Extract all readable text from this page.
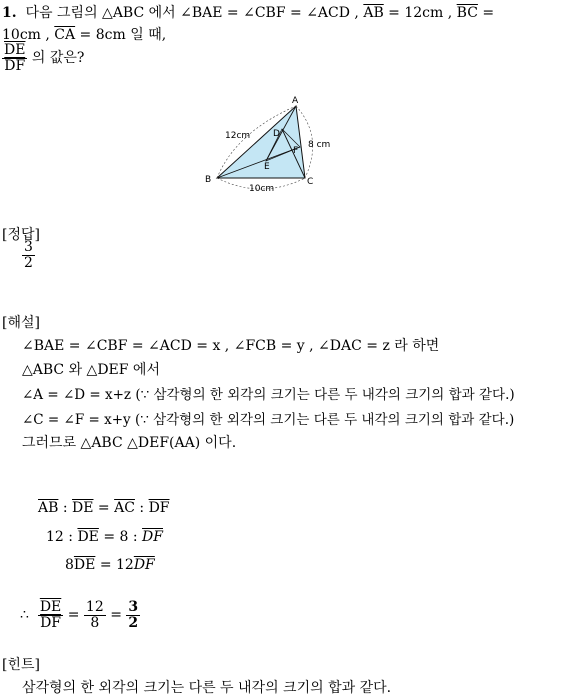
1. 다음 그림의 △ABC 에서 ∠BAE = ∠CBF = ∠ACD , $\overline{AB} = 12cm$ , $\overline{BC}$ =
10cm , $\overline{CA} = 8cm$ 일 때,
$\frac{\overline{DE}}{DF}$ 의 값은?
A
B	C
D
E
F
12cm
8 cm
10cm
[정답]
$\frac{3}{2}$
[해설]
∠BAE = ∠CBF = ∠ACD = x , ∠FCB = y , ∠DAC = z 라 하면
△ABC 와 △DEF 에서
∠A = ∠D = x+z (∵ 삼각형의 한 외각의 크기는 다른 두 내각의 크기의 합과 같다.)
∠C = ∠F = x+y (∵ 삼각형의 한 외각의 크기는 다른 두 내각의 크기의 합과 같다.)
그러므로 △ABC △DEF(AA) 이다.
$\overline{AB}$ : $\overline{DE} = \overline{AC}$ : $\overline{DF}$
12 : $\overline{DE} = 8$ : $\overline{DF}$
$8\overline{DE} = 12\overline{DF}$
∴ $\frac{\overline{DE}}{DF} = \frac{12}{8} = \frac{3}{2}$
[힌트]
삼각형의 한 외각의 크기는 다른 두 내각의 크기의 합과 같다.
